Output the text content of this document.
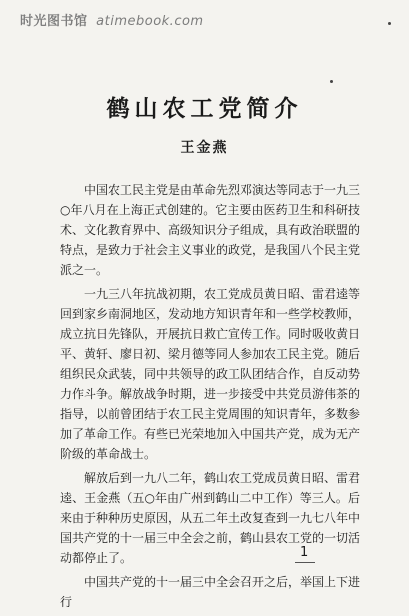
时光图书馆 atimebook.com
鹤山农工党简介
王金燕

中国农工民主党是由革命先烈邓演达等同志于一九三○年八月在上海正式创建的。它主要由医药卫生和科研技术、文化教育界中、高级知识分子组成，具有政治联盟的特点，是致力于社会主义事业的政党，是我国八个民主党派之一。

一九三八年抗战初期，农工党成员黄日昭、雷君逵等回到家乡南洞地区，发动地方知识青年和一些学校教师，成立抗日先锋队，开展抗日救亡宣传工作。同时吸收黄日平、黄轩、廖日初、梁月德等同人参加农工民主党。随后组织民众武装，同中共领导的政工队团结合作，自反动势力作斗争。解放战争时期，进一步接受中共党员游伟茶的指导，以前曾团结于农工民主党周围的知识青年，多数参加了革命工作。有些已光荣地加入中国共产党，成为无产阶级的革命战士。

解放后到一九八二年，鹤山农工党成员黄日昭、雷君逵、王金燕（五○年由广州到鹤山二中工作）等三人。后来由于种种历史原因，从五二年土改复查到一九七八年中国共产党的十一届三中全会之前，鹤山县农工党的一切活动都停止了。

中国共产党的十一届三中全会召开之后，举国上下进行

1
